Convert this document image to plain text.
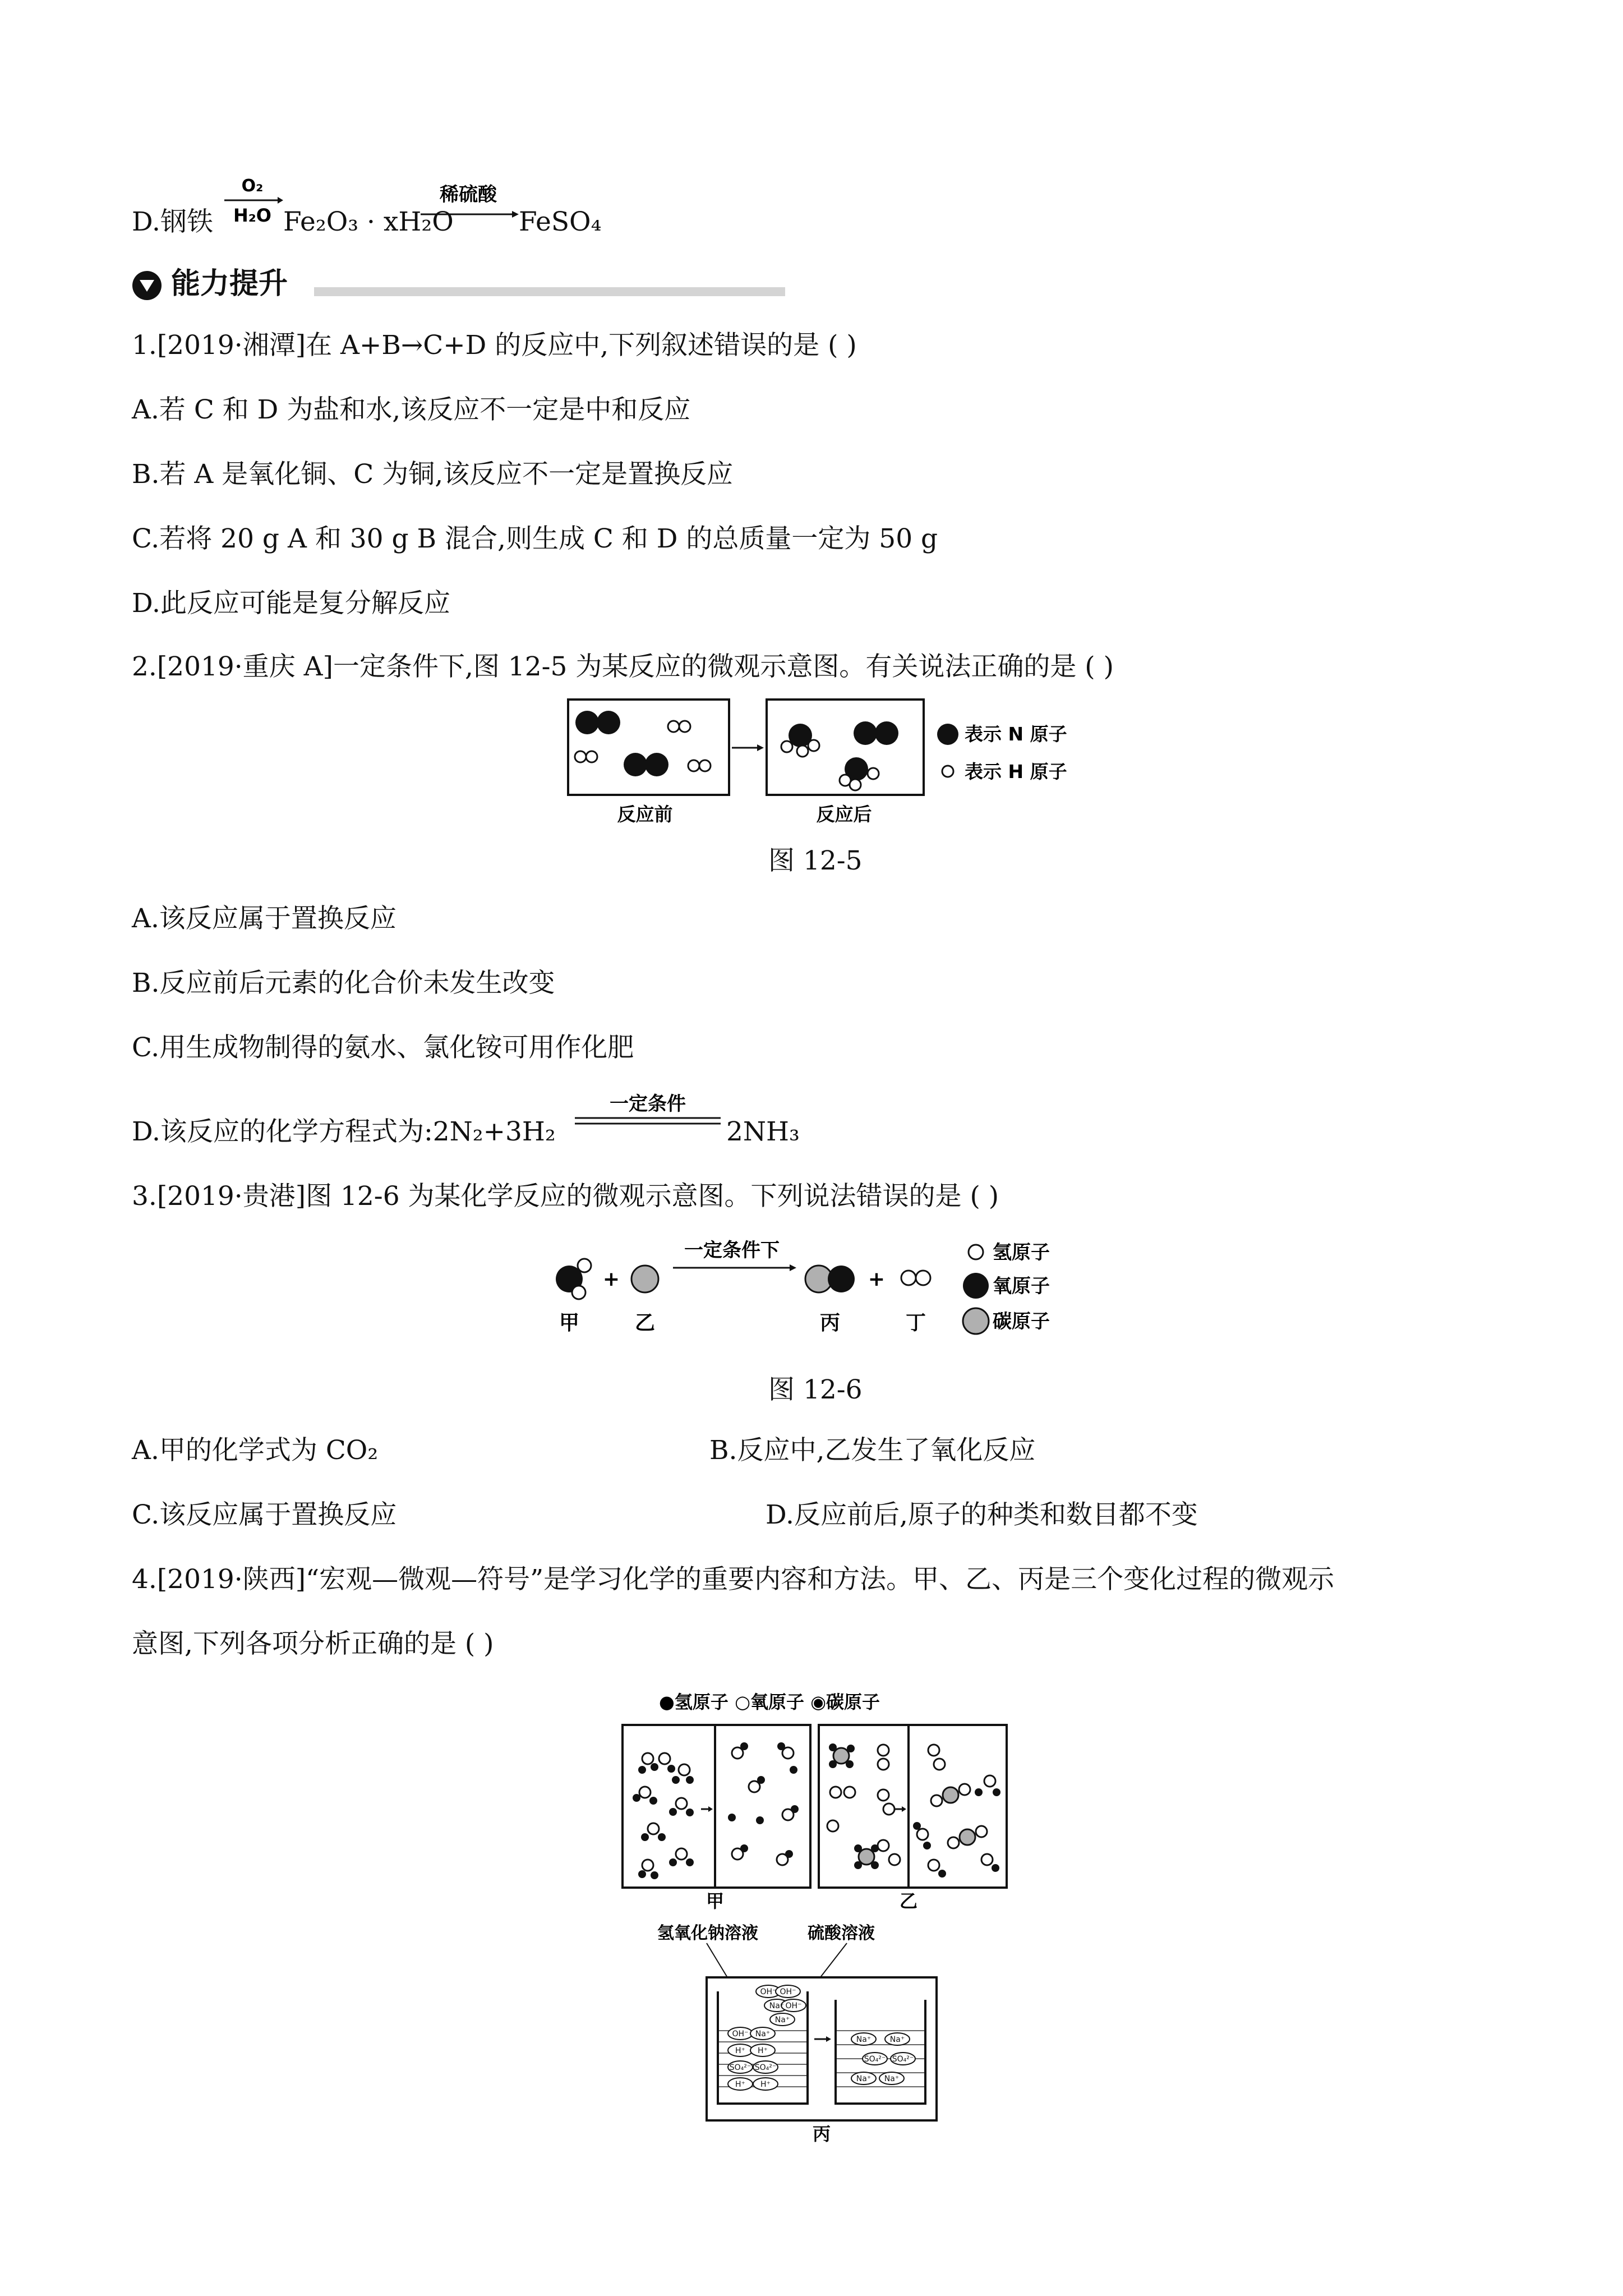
D.钢铁
O₂
H₂O Fe₂O₃ · xH₂O
稀硫酸
FeSO₄
能力提升
1.[2019·湘潭]在 A+B→C+D 的反应中,下列叙述错误的是 ( )
A.若 C 和 D 为盐和水,该反应不一定是中和反应
B.若 A 是氧化铜、C 为铜,该反应不一定是置换反应
C.若将 20 g A 和 30 g B 混合,则生成 C 和 D 的总质量一定为 50 g
D.此反应可能是复分解反应
2.[2019·重庆 A]一定条件下,图 12-5 为某反应的微观示意图。有关说法正确的是 ( )
表示 N 原子
表示 H 原子
反应前	反应后
图 12-5
A.该反应属于置换反应
B.反应前后元素的化合价未发生改变
C.用生成物制得的氨水、氯化铵可用作化肥
D.该反应的化学方程式为:2N₂+3H₂
一定条件
2NH₃
3.[2019·贵港]图 12-6 为某化学反应的微观示意图。下列说法错误的是 ( )
+
一定条件下
+
甲	乙	丙	丁
氢原子
氧原子
碳原子
图 12-6
A.甲的化学式为 CO₂	B.反应中,乙发生了氧化反应
C.该反应属于置换反应	D.反应前后,原子的种类和数目都不变
4.[2019·陕西]“宏观—微观—符号”是学习化学的重要内容和方法。甲、乙、丙是三个变化过程的微观示
意图,下列各项分析正确的是 ( )
●氢原子 ○氧原子 ◉碳原子
甲	乙
氢氧化钠溶液	硫酸溶液
OH⁻ OH⁻
Na⁺ OH⁻
Na⁺
OH⁻ Na⁺
H⁺ H⁺
SO₄²⁻ SO₄²⁻
H⁺ H⁺
Na⁺ Na⁺
SO₄²⁻ SO₄²⁻
Na⁺ Na⁺
丙
